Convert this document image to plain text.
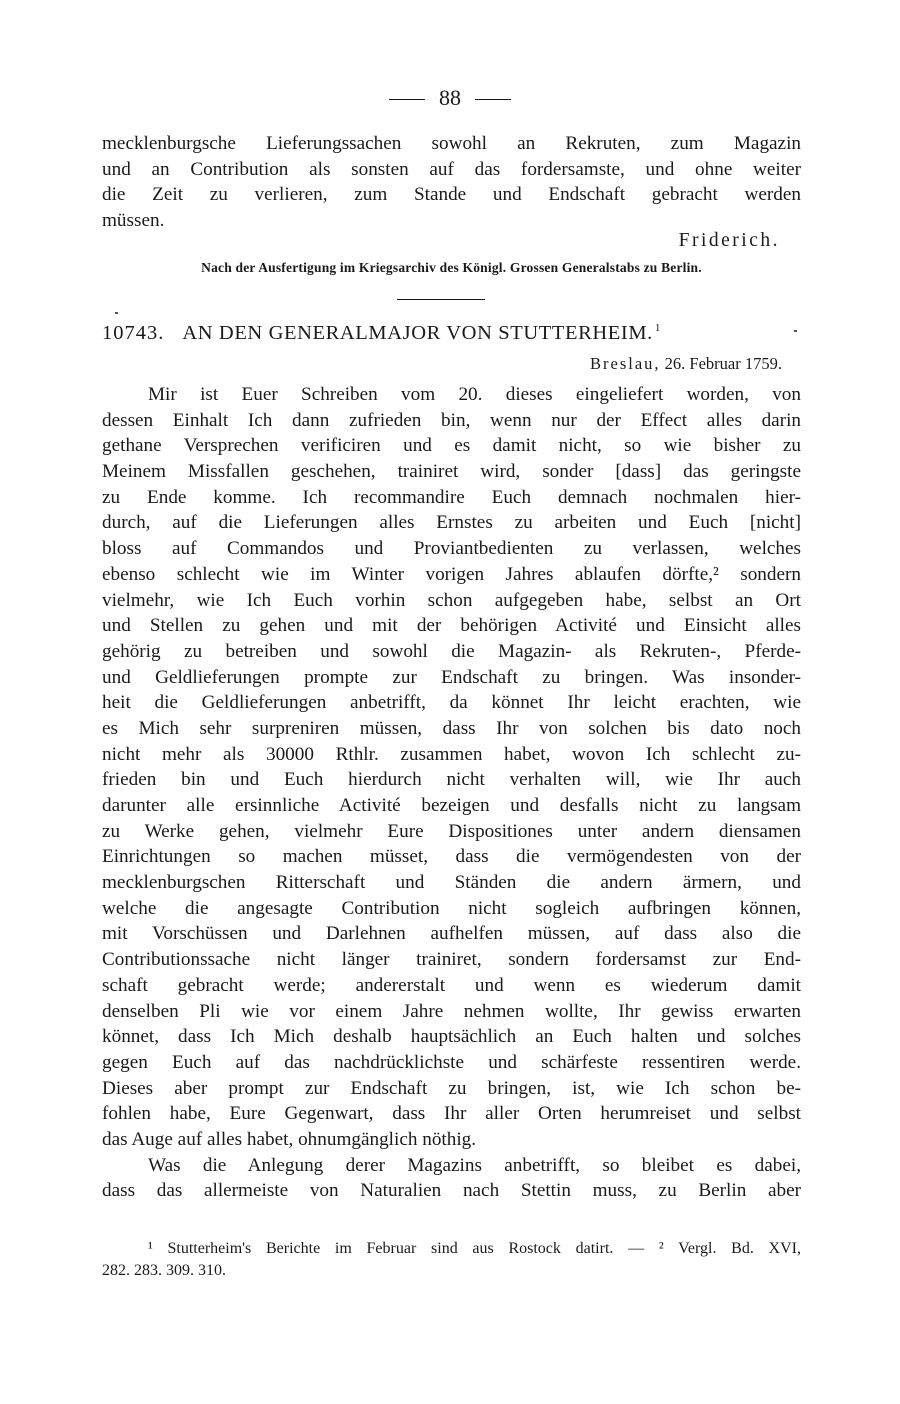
88
mecklenburgsche Lieferungssachen sowohl an Rekruten, zum Magazin
und an Contribution als sonsten auf das fordersamste, und ohne weiter
die Zeit zu verlieren, zum Stande und Endschaft gebracht werden
müssen.
Friderich.
Nach der Ausfertigung im Kriegsarchiv des Königl. Grossen Generalstabs zu Berlin.
10743. AN DEN GENERALMAJOR VON STUTTERHEIM. $^1$
Breslau, 26. Februar 1759.
Mir ist Euer Schreiben vom 20. dieses eingeliefert worden, von
dessen Einhalt Ich dann zufrieden bin, wenn nur der Effect alles darin
gethane Versprechen verificiren und es damit nicht, so wie bisher zu
Meinem Missfallen geschehen, trainiret wird, sonder [dass] das geringste
zu Ende komme. Ich recommandire Euch demnach nochmalen hier-
durch, auf die Lieferungen alles Ernstes zu arbeiten und Euch [nicht]
bloss auf Commandos und Proviantbedienten zu verlassen, welches
ebenso schlecht wie im Winter vorigen Jahres ablaufen dörfte,² sondern
vielmehr, wie Ich Euch vorhin schon aufgegeben habe, selbst an Ort
und Stellen zu gehen und mit der behörigen Activité und Einsicht alles
gehörig zu betreiben und sowohl die Magazin- als Rekruten-, Pferde-
und Geldlieferungen prompte zur Endschaft zu bringen. Was insonder-
heit die Geldlieferungen anbetrifft, da könnet Ihr leicht erachten, wie
es Mich sehr surpreniren müssen, dass Ihr von solchen bis dato noch
nicht mehr als 30000 Rthlr. zusammen habet, wovon Ich schlecht zu-
frieden bin und Euch hierdurch nicht verhalten will, wie Ihr auch
darunter alle ersinnliche Activité bezeigen und desfalls nicht zu langsam
zu Werke gehen, vielmehr Eure Dispositiones unter andern diensamen
Einrichtungen so machen müsset, dass die vermögendesten von der
mecklenburgschen Ritterschaft und Ständen die andern ärmern, und
welche die angesagte Contribution nicht sogleich aufbringen können,
mit Vorschüssen und Darlehnen aufhelfen müssen, auf dass also die
Contributionssache nicht länger trainiret, sondern fordersamst zur End-
schaft gebracht werde; andererstalt und wenn es wiederum damit
denselben Pli wie vor einem Jahre nehmen wollte, Ihr gewiss erwarten
könnet, dass Ich Mich deshalb hauptsächlich an Euch halten und solches
gegen Euch auf das nachdrücklichste und schärfeste ressentiren werde.
Dieses aber prompt zur Endschaft zu bringen, ist, wie Ich schon be-
fohlen habe, Eure Gegenwart, dass Ihr aller Orten herumreiset und selbst
das Auge auf alles habet, ohnumgänglich nöthig.
Was die Anlegung derer Magazins anbetrifft, so bleibet es dabei,
dass das allermeiste von Naturalien nach Stettin muss, zu Berlin aber
¹ Stutterheim's Berichte im Februar sind aus Rostock datirt. — ² Vergl. Bd. XVI,
282. 283. 309. 310.
